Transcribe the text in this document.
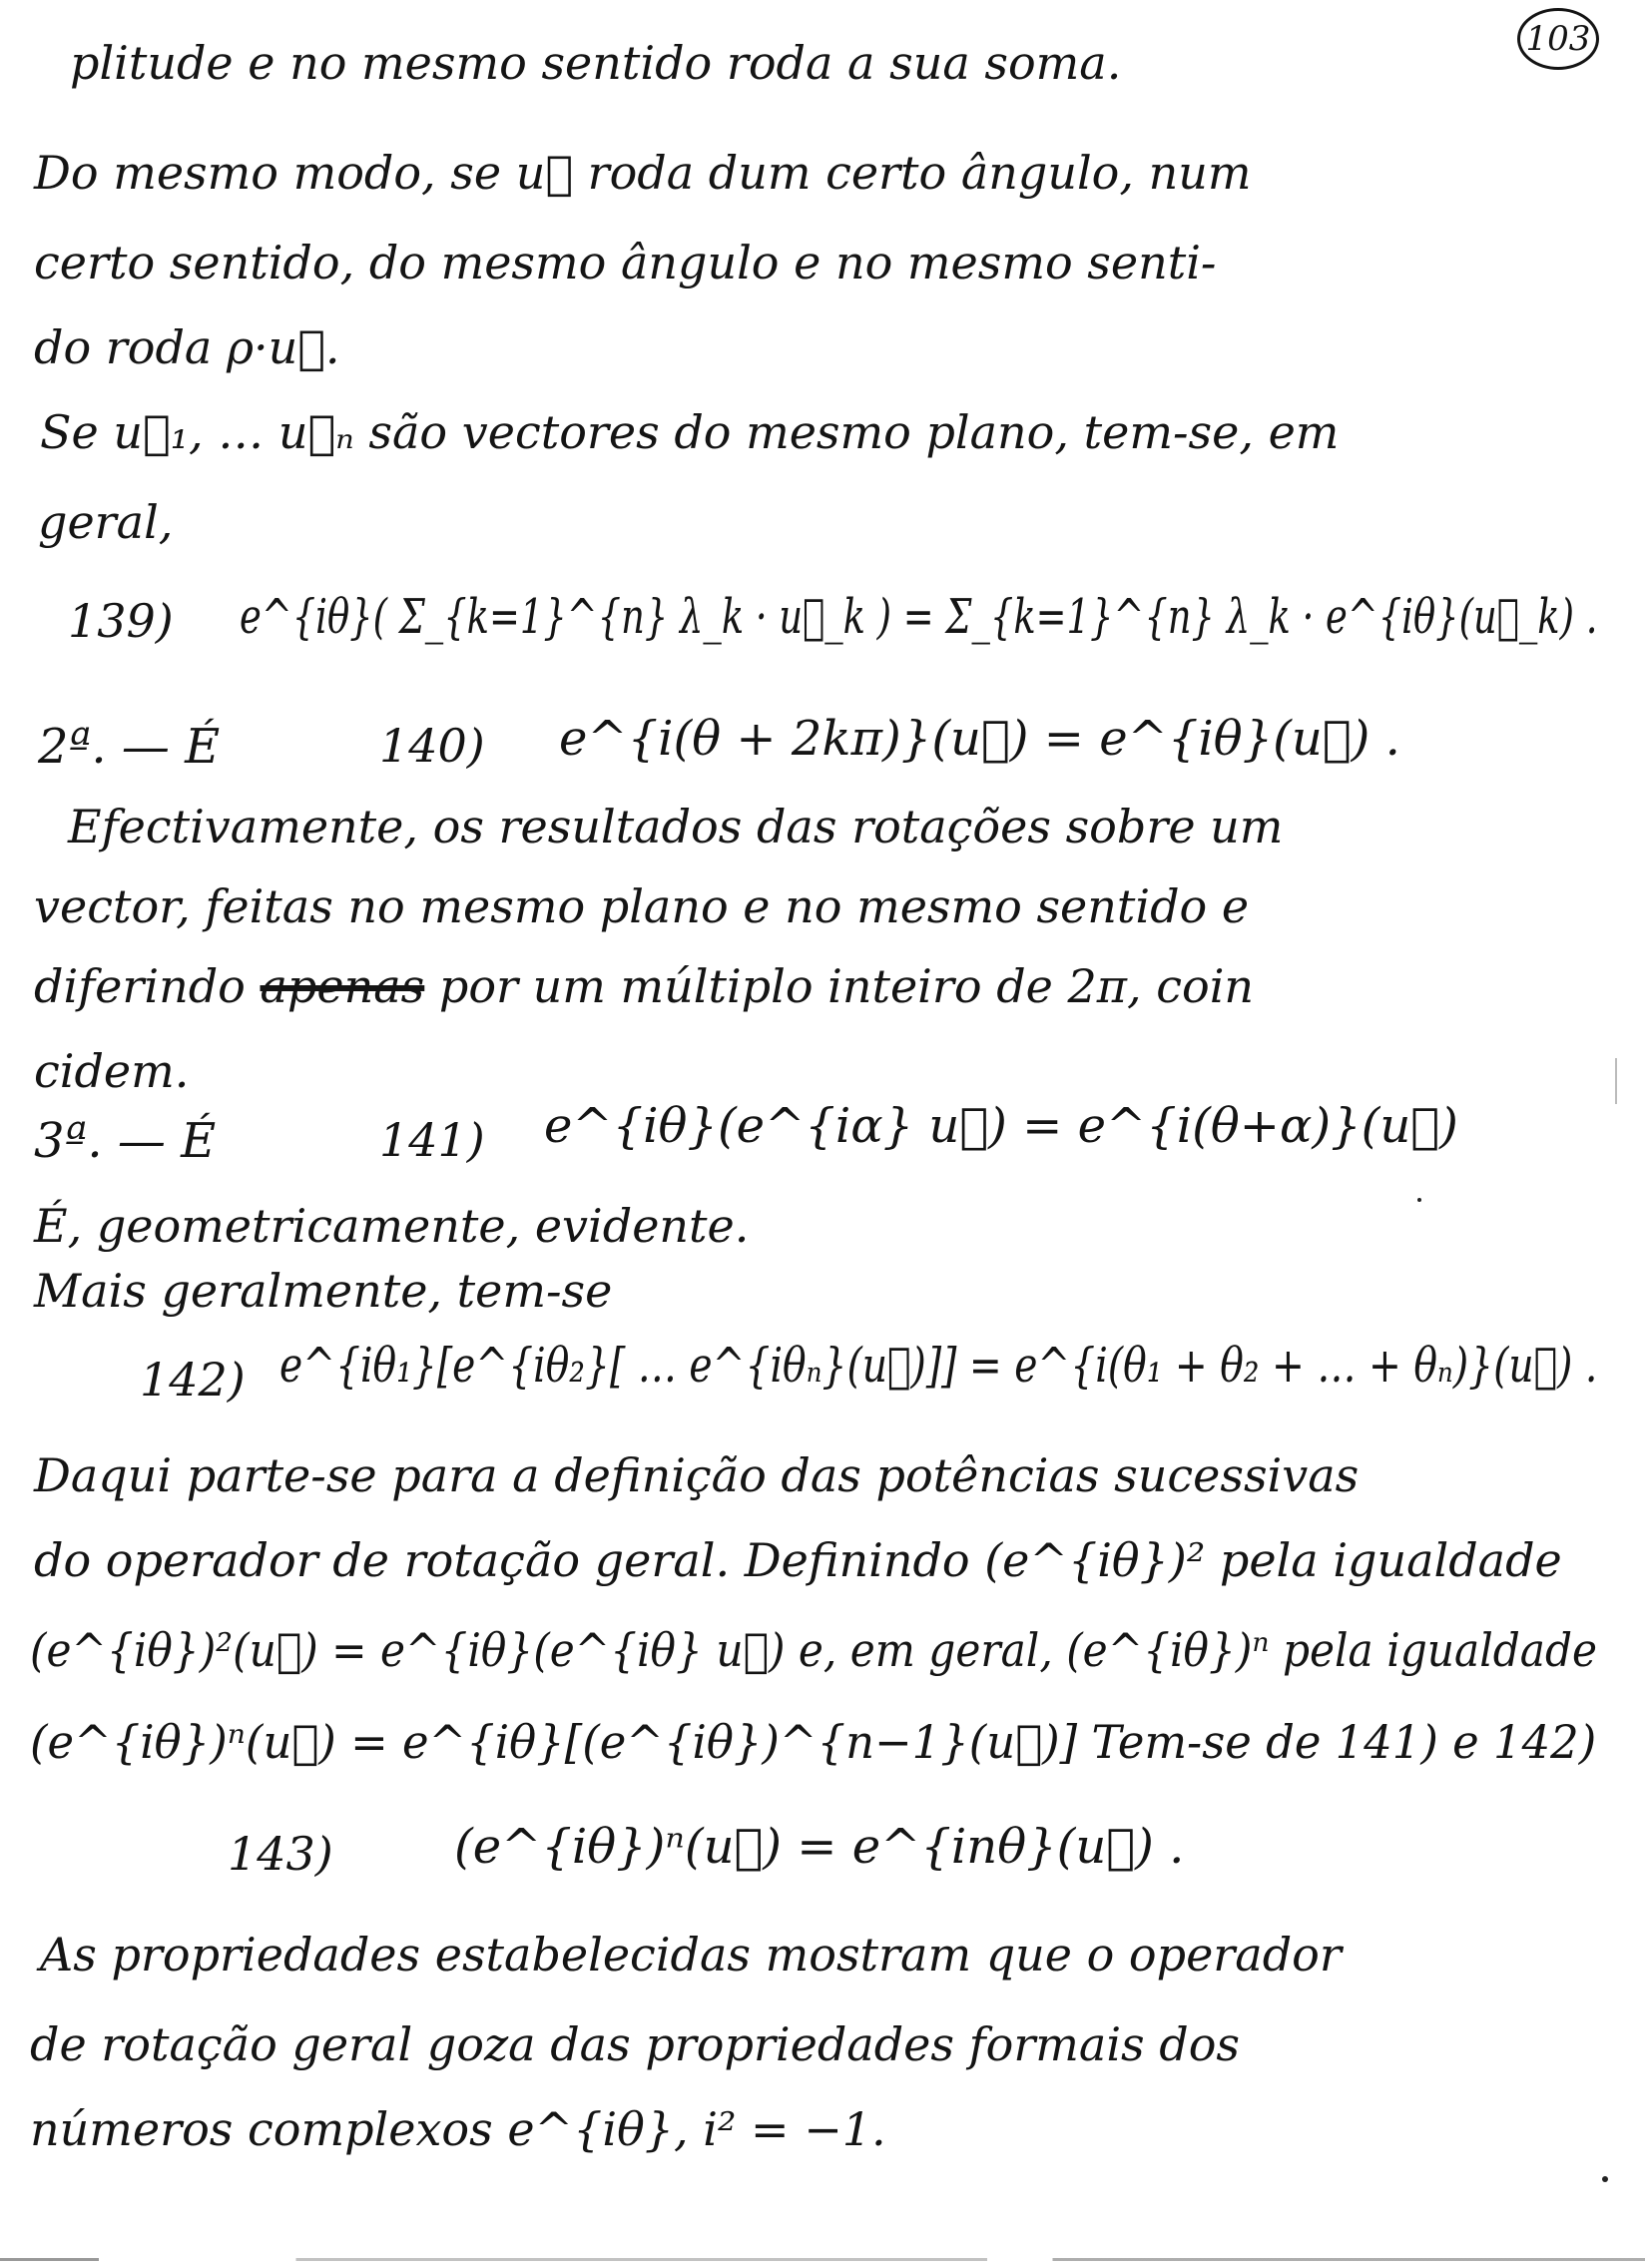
103
plitude e no mesmo sentido roda a sua soma.
Do mesmo modo, se u⃗ roda dum certo ângulo, num
certo sentido, do mesmo ângulo e no mesmo senti-
do roda ρ·u⃗.
Se u⃗₁, … u⃗ₙ são vectores do mesmo plano, tem-se, em
geral,
139) e^{iθ}( Σ_{k=1}^{n} λ_k · u⃗_k ) = Σ_{k=1}^{n} λ_k · e^{iθ}(u⃗_k) .
2ª. — É	140) e^{i(θ + 2kπ)}(u⃗) = e^{iθ}(u⃗) .
Efectivamente, os resultados das rotações sobre um
vector, feitas no mesmo plano e no mesmo sentido e
diferindo apenas por um múltiplo inteiro de 2π, coin
cidem.
3ª. — É	141) e^{iθ}(e^{iα} u⃗) = e^{i(θ+α)}(u⃗)
É, geometricamente, evidente.
Mais geralmente, tem-se
142) e^{iθ₁}[e^{iθ₂}[ … e^{iθₙ}(u⃗)]] = e^{i(θ₁ + θ₂ + … + θₙ)}(u⃗) .
Daqui parte-se para a definição das potências sucessivas
do operador de rotação geral. Definindo (e^{iθ})² pela igualdade
(e^{iθ})²(u⃗) = e^{iθ}(e^{iθ} u⃗) e, em geral, (e^{iθ})ⁿ pela igualdade
(e^{iθ})ⁿ(u⃗) = e^{iθ}[(e^{iθ})^{n−1}(u⃗)] Tem-se de 141) e 142)
143)	(e^{iθ})ⁿ(u⃗) = e^{inθ}(u⃗) .
As propriedades estabelecidas mostram que o operador
de rotação geral goza das propriedades formais dos
números complexos e^{iθ}, i² = −1.
